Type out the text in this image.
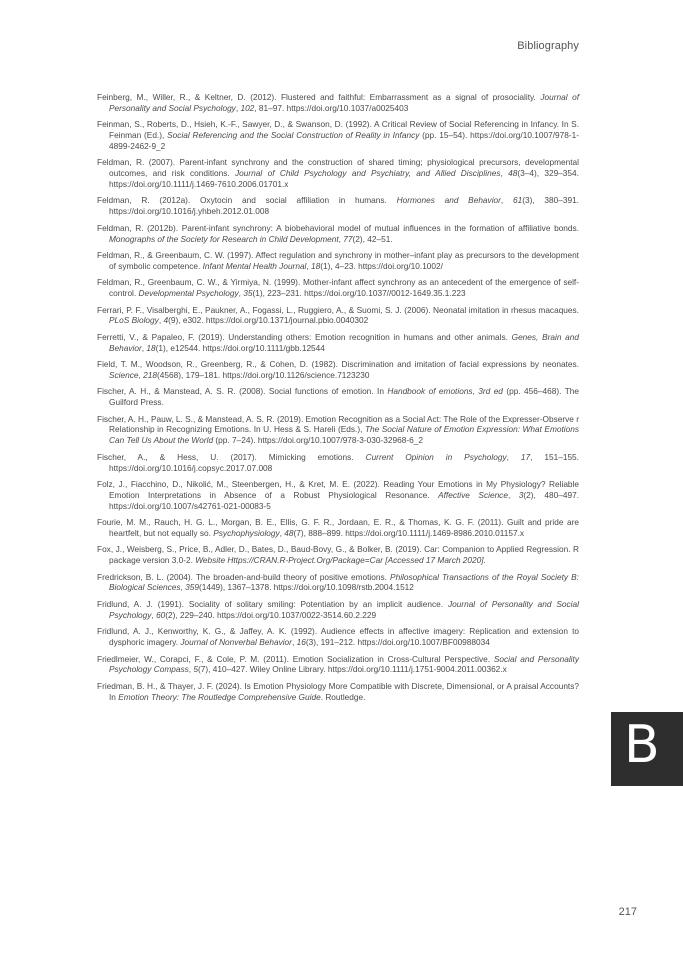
Bibliography
Feinberg, M., Willer, R., & Keltner, D. (2012). Flustered and faithful: Embarrassment as a signal of prosociality. Journal of Personality and Social Psychology, 102, 81–97. https://doi.org/10.1037/a0025403
Feinman, S., Roberts, D., Hsieh, K.-F., Sawyer, D., & Swanson, D. (1992). A Critical Review of Social Referencing in Infancy. In S. Feinman (Ed.), Social Referencing and the Social Construction of Reality in Infancy (pp. 15–54). https://doi.org/10.1007/978-1-4899-2462-9_2
Feldman, R. (2007). Parent-infant synchrony and the construction of shared timing; physiological precursors, developmental outcomes, and risk conditions. Journal of Child Psychology and Psychiatry, and Allied Disciplines, 48(3–4), 329–354. https://doi.org/10.1111/j.1469-7610.2006.01701.x
Feldman, R. (2012a). Oxytocin and social affiliation in humans. Hormones and Behavior, 61(3), 380–391. https://doi.org/10.1016/j.yhbeh.2012.01.008
Feldman, R. (2012b). Parent-infant synchrony: A biobehavioral model of mutual influences in the formation of affiliative bonds. Monographs of the Society for Research in Child Development, 77(2), 42–51.
Feldman, R., & Greenbaum, C. W. (1997). Affect regulation and synchrony in mother–infant play as precursors to the development of symbolic competence. Infant Mental Health Journal, 18(1), 4–23. https://doi.org/10.1002/
Feldman, R., Greenbaum, C. W., & Yirmiya, N. (1999). Mother-infant affect synchrony as an antecedent of the emergence of self-control. Developmental Psychology, 35(1), 223–231. https://doi.org/10.1037//0012-1649.35.1.223
Ferrari, P. F., Visalberghi, E., Paukner, A., Fogassi, L., Ruggiero, A., & Suomi, S. J. (2006). Neonatal imitation in rhesus macaques. PLoS Biology, 4(9), e302. https://doi.org/10.1371/journal.pbio.0040302
Ferretti, V., & Papaleo, F. (2019). Understanding others: Emotion recognition in humans and other animals. Genes, Brain and Behavior, 18(1), e12544. https://doi.org/10.1111/gbb.12544
Field, T. M., Woodson, R., Greenberg, R., & Cohen, D. (1982). Discrimination and imitation of facial expressions by neonates. Science, 218(4568), 179–181. https://doi.org/10.1126/science.7123230
Fischer, A. H., & Manstead, A. S. R. (2008). Social functions of emotion. In Handbook of emotions, 3rd ed (pp. 456–468). The Guilford Press.
Fischer, A. H., Pauw, L. S., & Manstead, A. S. R. (2019). Emotion Recognition as a Social Act: The Role of the Expresser-Observe r Relationship in Recognizing Emotions. In U. Hess & S. Hareli (Eds.), The Social Nature of Emotion Expression: What Emotions Can Tell Us About the World (pp. 7–24). https://doi.org/10.1007/978-3-030-32968-6_2
Fischer, A., & Hess, U. (2017). Mimicking emotions. Current Opinion in Psychology, 17, 151–155. https://doi.org/10.1016/j.copsyc.2017.07.008
Folz, J., Fiacchino, D., Nikolić, M., Steenbergen, H., & Kret, M. E. (2022). Reading Your Emotions in My Physiology? Reliable Emotion Interpretations in Absence of a Robust Physiological Resonance. Affective Science, 3(2), 480–497. https://doi.org/10.1007/s42761-021-00083-5
Fourie, M. M., Rauch, H. G. L., Morgan, B. E., Ellis, G. F. R., Jordaan, E. R., & Thomas, K. G. F. (2011). Guilt and pride are heartfelt, but not equally so. Psychophysiology, 48(7), 888–899. https://doi.org/10.1111/j.1469-8986.2010.01157.x
Fox, J., Weisberg, S., Price, B., Adler, D., Bates, D., Baud-Bovy, G., & Bolker, B. (2019). Car: Companion to Applied Regression. R package version 3.0-2. Website Https://CRAN.R-Project.Org/Package=Car [Accessed 17 March 2020].
Fredrickson, B. L. (2004). The broaden-and-build theory of positive emotions. Philosophical Transactions of the Royal Society B: Biological Sciences, 359(1449), 1367–1378. https://doi.org/10.1098/rstb.2004.1512
Fridlund, A. J. (1991). Sociality of solitary smiling: Potentiation by an implicit audience. Journal of Personality and Social Psychology, 60(2), 229–240. https://doi.org/10.1037/0022-3514.60.2.229
Fridlund, A. J., Kenworthy, K. G., & Jaffey, A. K. (1992). Audience effects in affective imagery: Replication and extension to dysphoric imagery. Journal of Nonverbal Behavior, 16(3), 191–212. https://doi.org/10.1007/BF00988034
Friedlmeier, W., Corapci, F., & Cole, P. M. (2011). Emotion Socialization in Cross-Cultural Perspective. Social and Personality Psychology Compass, 5(7), 410–427. Wiley Online Library. https://doi.org/10.1111/j.1751-9004.2011.00362.x
Friedman, B. H., & Thayer, J. F. (2024). Is Emotion Physiology More Compatible with Discrete, Dimensional, or A praisal Accounts? In Emotion Theory: The Routledge Comprehensive Guide. Routledge.
B
217
